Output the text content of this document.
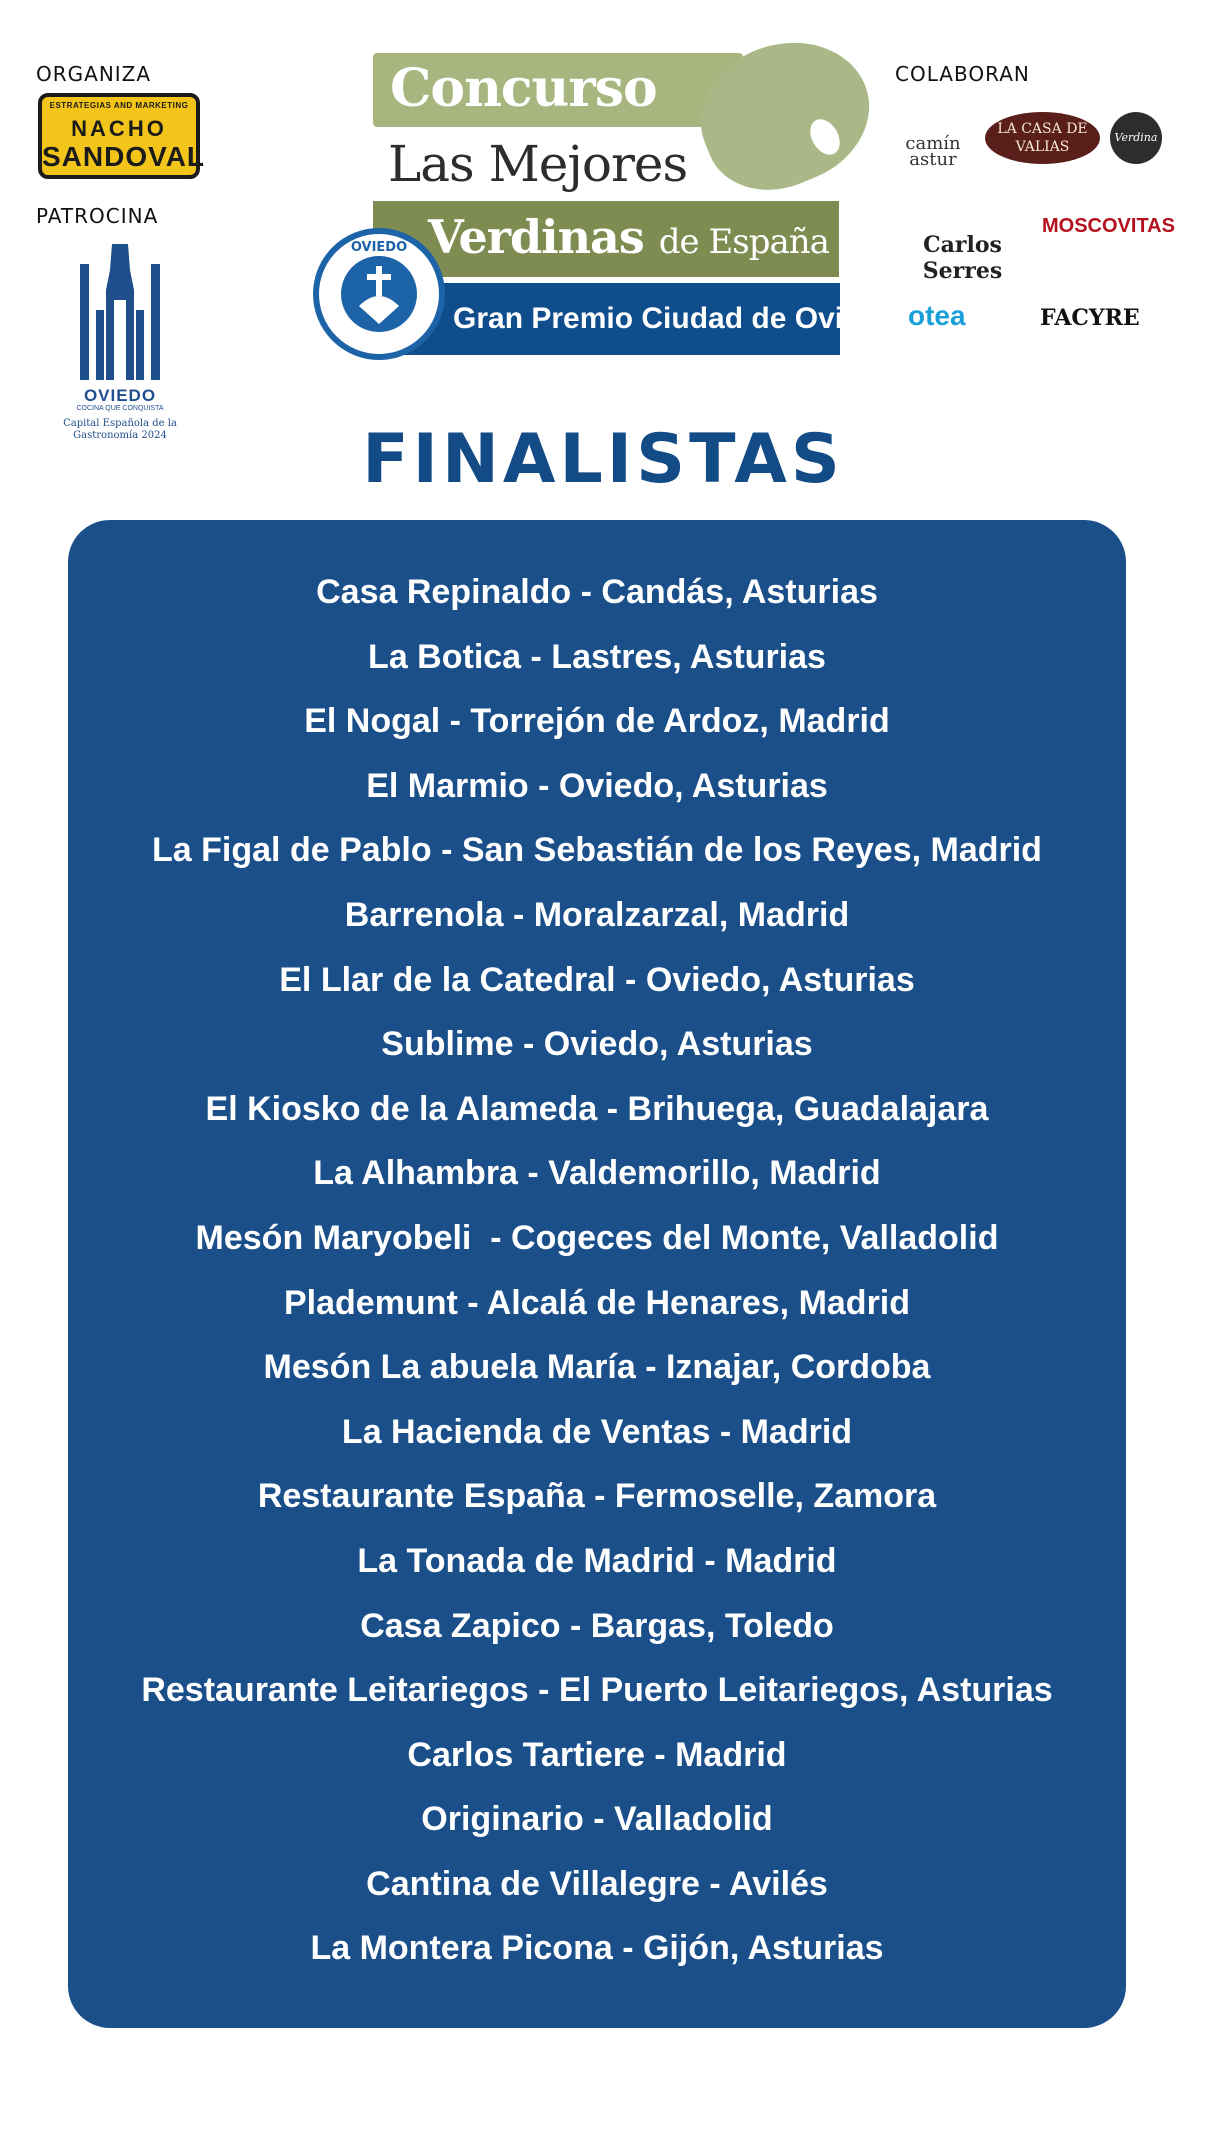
ORGANIZA
ESTRATEGIAS AND MARKETING
NACHO
SANDOVAL
PATROCINA
OVIEDO
COCINA QUE CONQUISTA
Capital Española de la Gastronomía 2024
Concurso
Las Mejores
Verdinas de España
Gran Premio Ciudad de Oviedo
OVIEDO
COLABORAN
camín astur
LA CASA DE VALIAS
Verdina
Carlos Serres
MOSCOVITAS
otea	FACYRE
FINALISTAS
Casa Repinaldo - Candás, Asturias
La Botica - Lastres, Asturias
El Nogal - Torrejón de Ardoz, Madrid
El Marmio - Oviedo, Asturias
La Figal de Pablo - San Sebastián de los Reyes, Madrid
Barrenola - Moralzarzal, Madrid
El Llar de la Catedral - Oviedo, Asturias
Sublime - Oviedo, Asturias
El Kiosko de la Alameda - Brihuega, Guadalajara
La Alhambra - Valdemorillo, Madrid
Mesón Maryobeli  - Cogeces del Monte, Valladolid
Plademunt - Alcalá de Henares, Madrid
Mesón La abuela María - Iznajar, Cordoba
La Hacienda de Ventas - Madrid
Restaurante España - Fermoselle, Zamora
La Tonada de Madrid - Madrid
Casa Zapico - Bargas, Toledo
Restaurante Leitariegos - El Puerto Leitariegos, Asturias
Carlos Tartiere - Madrid
Originario - Valladolid
Cantina de Villalegre - Avilés
La Montera Picona - Gijón, Asturias
